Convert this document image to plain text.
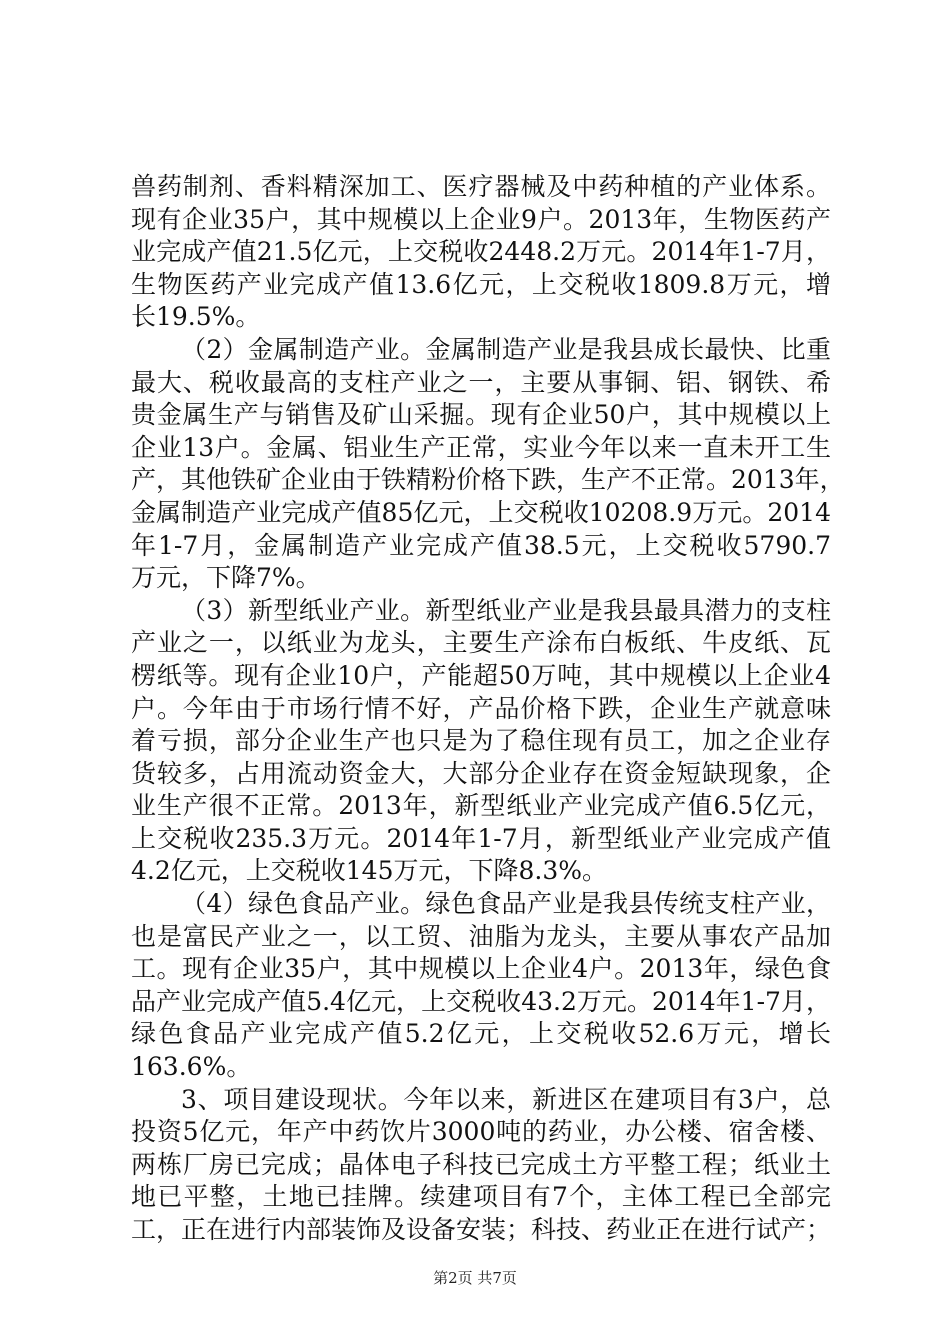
兽药制剂、香料精深加工、医疗器械及中药种植的产业体系。
现有企业35户，其中规模以上企业9户。2013年，生物医药产
业完成产值21.5亿元，上交税收2448.2万元。2014年1-7月，
生物医药产业完成产值13.6亿元，上交税收1809.8万元，增
长19.5%。
（2）金属制造产业。金属制造产业是我县成长最快、比重
最大、税收最高的支柱产业之一，主要从事铜、铝、钢铁、希
贵金属生产与销售及矿山采掘。现有企业50户，其中规模以上
企业13户。金属、铝业生产正常，实业今年以来一直未开工生
产，其他铁矿企业由于铁精粉价格下跌，生产不正常。2013年，
金属制造产业完成产值85亿元，上交税收10208.9万元。2014
年1-7月，金属制造产业完成产值38.5元，上交税收5790.7
万元，下降7%。
（3）新型纸业产业。新型纸业产业是我县最具潜力的支柱
产业之一，以纸业为龙头，主要生产涂布白板纸、牛皮纸、瓦
楞纸等。现有企业10户，产能超50万吨，其中规模以上企业4
户。今年由于市场行情不好，产品价格下跌，企业生产就意味
着亏损，部分企业生产也只是为了稳住现有员工，加之企业存
货较多，占用流动资金大，大部分企业存在资金短缺现象，企
业生产很不正常。2013年，新型纸业产业完成产值6.5亿元，
上交税收235.3万元。2014年1-7月，新型纸业产业完成产值
4.2亿元，上交税收145万元，下降8.3%。
（4）绿色食品产业。绿色食品产业是我县传统支柱产业，
也是富民产业之一，以工贸、油脂为龙头，主要从事农产品加
工。现有企业35户，其中规模以上企业4户。2013年，绿色食
品产业完成产值5.4亿元，上交税收43.2万元。2014年1-7月，
绿色食品产业完成产值5.2亿元，上交税收52.6万元，增长
163.6%。
3、项目建设现状。今年以来，新进区在建项目有3户，总
投资5亿元，年产中药饮片3000吨的药业，办公楼、宿舍楼、
两栋厂房已完成；晶体电子科技已完成土方平整工程；纸业土
地已平整，土地已挂牌。续建项目有7个，主体工程已全部完
工，正在进行内部装饰及设备安装；科技、药业正在进行试产；
第2页 共7页
